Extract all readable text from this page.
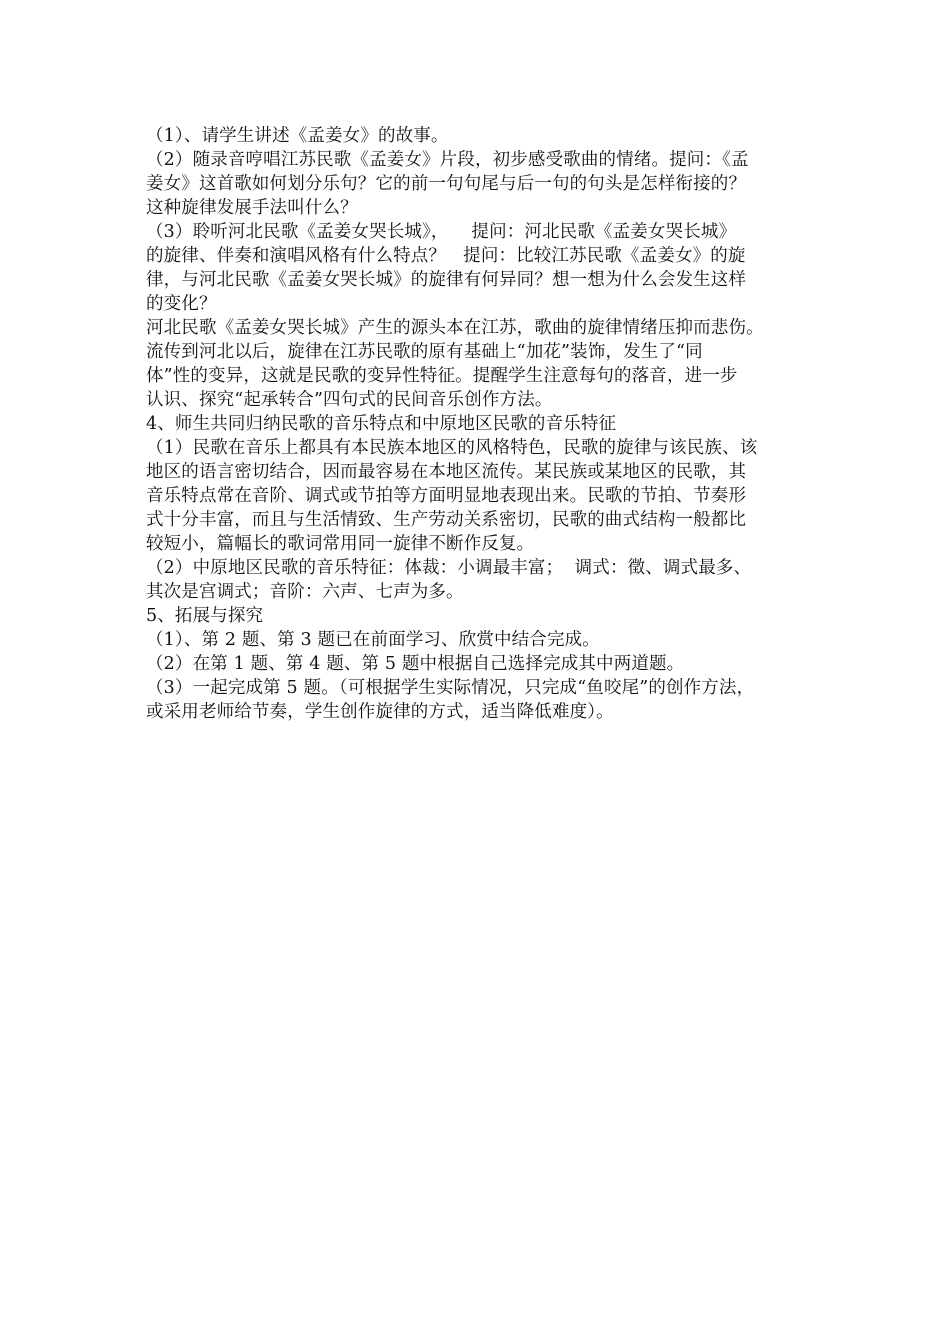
（1）、请学生讲述《孟姜女》的故事。
（2）随录音哼唱江苏民歌《孟姜女》片段，初步感受歌曲的情绪。提问：《孟
姜女》这首歌如何划分乐句？它的前一句句尾与后一句的句头是怎样衔接的？
这种旋律发展手法叫什么？
（3）聆听河北民歌《孟姜女哭长城》，    提问：河北民歌《孟姜女哭长城》
的旋律、伴奏和演唱风格有什么特点？   提问：比较江苏民歌《孟姜女》的旋
律，与河北民歌《孟姜女哭长城》的旋律有何异同？想一想为什么会发生这样
的变化？
河北民歌《孟姜女哭长城》产生的源头本在江苏，歌曲的旋律情绪压抑而悲伤。
流传到河北以后，旋律在江苏民歌的原有基础上“加花”装饰，发生了“同
体”性的变异，这就是民歌的变异性特征。提醒学生注意每句的落音，进一步
认识、探究“起承转合”四句式的民间音乐创作方法。
4、师生共同归纳民歌的音乐特点和中原地区民歌的音乐特征
（1）民歌在音乐上都具有本民族本地区的风格特色，民歌的旋律与该民族、该
地区的语言密切结合，因而最容易在本地区流传。某民族或某地区的民歌，其
音乐特点常在音阶、调式或节拍等方面明显地表现出来。民歌的节拍、节奏形
式十分丰富，而且与生活情致、生产劳动关系密切，民歌的曲式结构一般都比
较短小，篇幅长的歌词常用同一旋律不断作反复。
（2）中原地区民歌的音乐特征：体裁：小调最丰富；  调式：徵、调式最多、
其次是宫调式；音阶：六声、七声为多。
5、拓展与探究
（1）、第 2 题、第 3 题已在前面学习、欣赏中结合完成。
（2）在第 1 题、第 4 题、第 5 题中根据自己选择完成其中两道题。
（3）一起完成第 5 题。（可根据学生实际情况，只完成“鱼咬尾”的创作方法，
或采用老师给节奏，学生创作旋律的方式，适当降低难度）。
